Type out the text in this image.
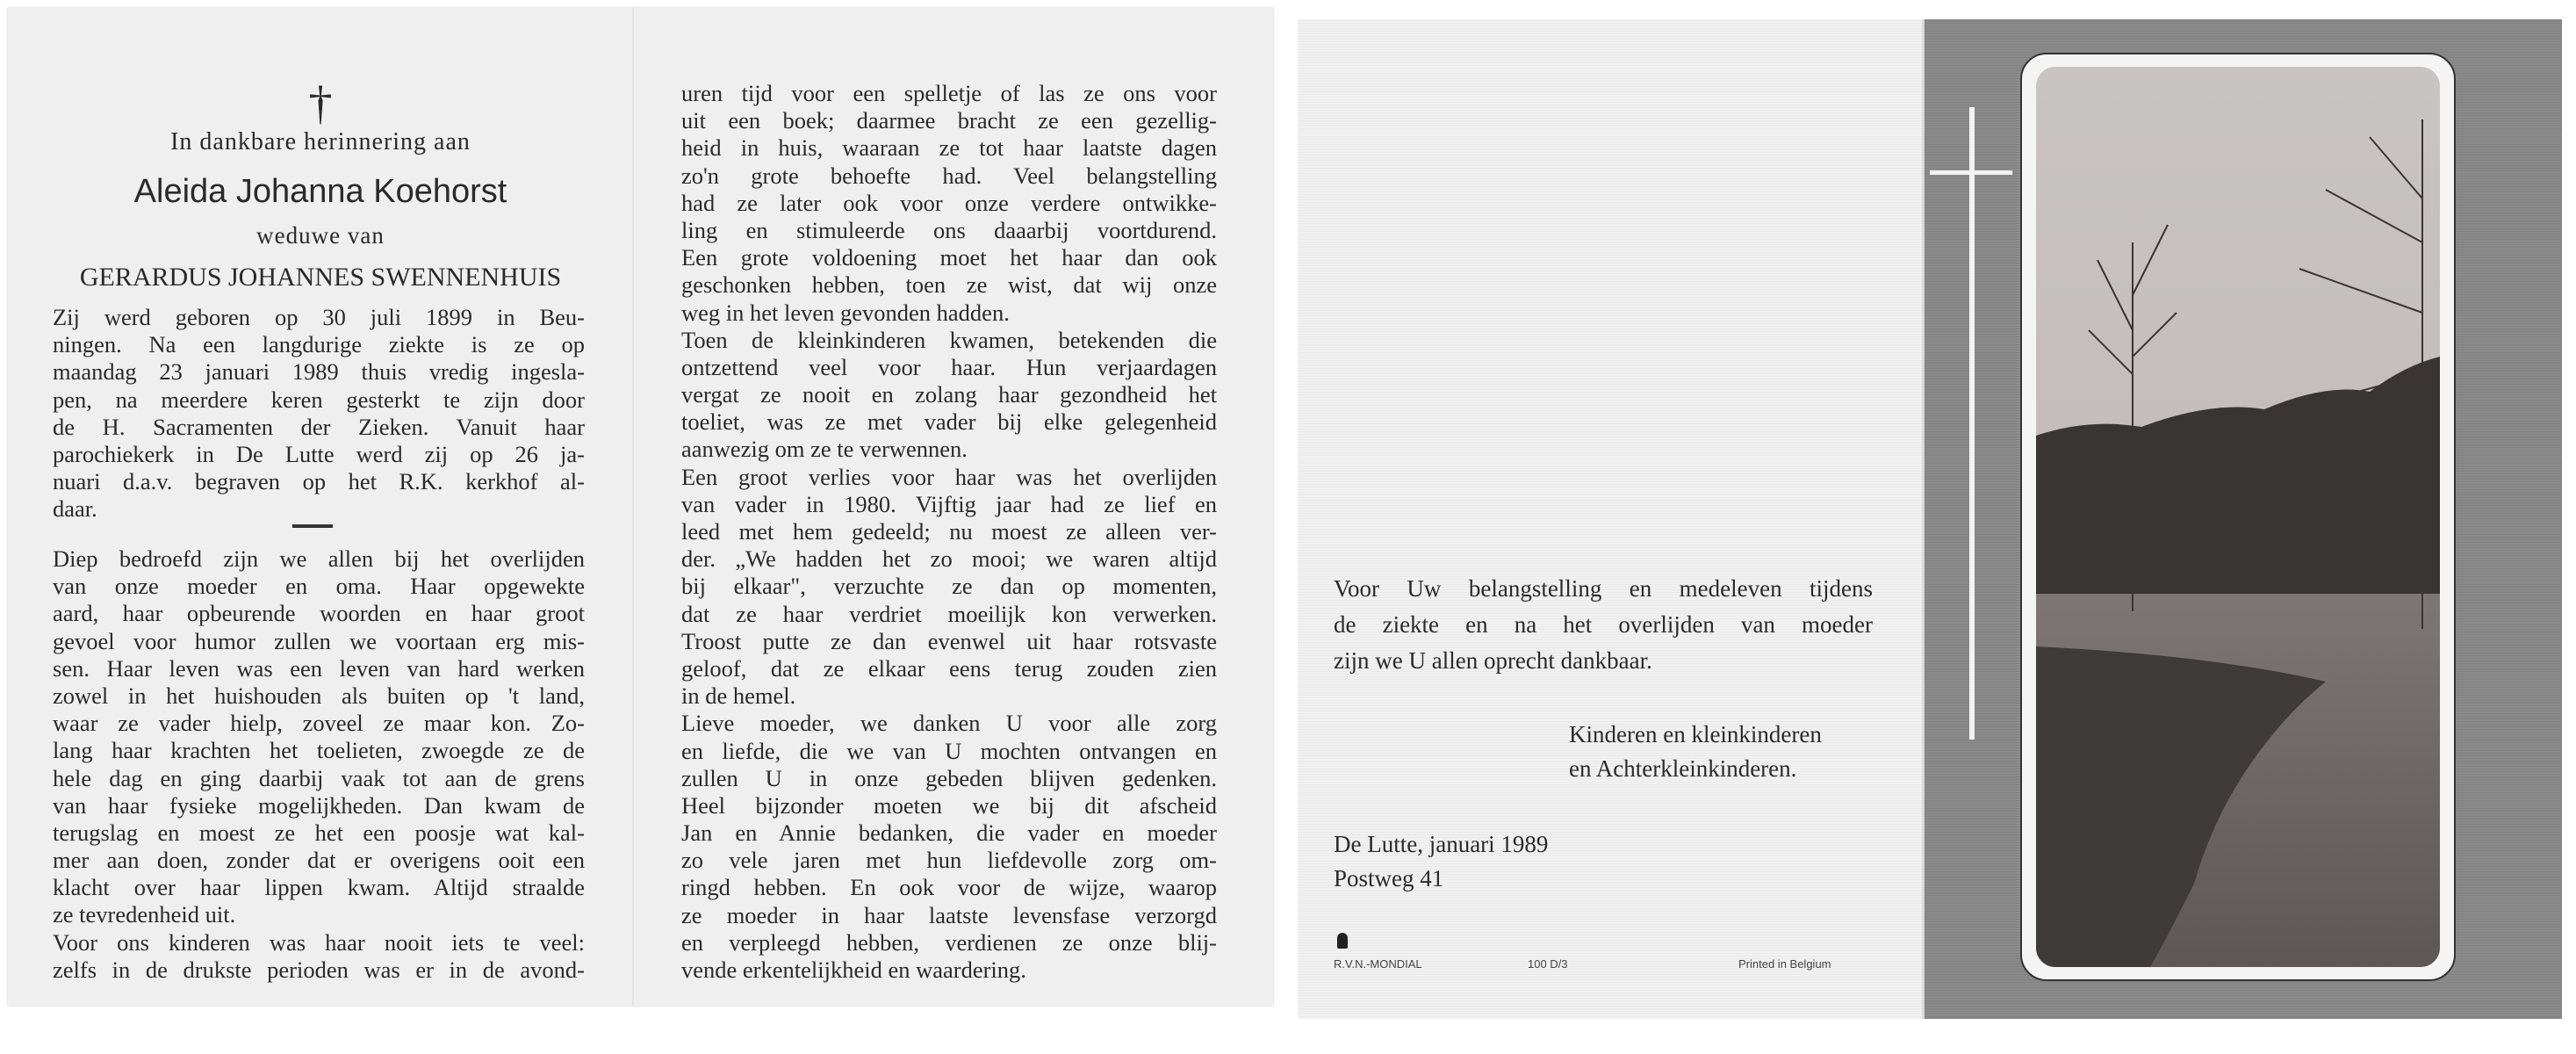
†
In dankbare herinnering aan
Aleida Johanna Koehorst
weduwe van
GERARDUS JOHANNES SWENNENHUIS
Zij werd geboren op 30 juli 1899 in Beu-
ningen. Na een langdurige ziekte is ze op
maandag 23 januari 1989 thuis vredig ingesla-
pen, na meerdere keren gesterkt te zijn door
de H. Sacramenten der Zieken. Vanuit haar
parochiekerk in De Lutte werd zij op 26 ja-
nuari d.a.v. begraven op het R.K. kerkhof al-
daar.
Diep bedroefd zijn we allen bij het overlijden
van onze moeder en oma. Haar opgewekte
aard, haar opbeurende woorden en haar groot
gevoel voor humor zullen we voortaan erg mis-
sen. Haar leven was een leven van hard werken
zowel in het huishouden als buiten op 't land,
waar ze vader hielp, zoveel ze maar kon. Zo-
lang haar krachten het toelieten, zwoegde ze de
hele dag en ging daarbij vaak tot aan de grens
van haar fysieke mogelijkheden. Dan kwam de
terugslag en moest ze het een poosje wat kal-
mer aan doen, zonder dat er overigens ooit een
klacht over haar lippen kwam. Altijd straalde
ze tevredenheid uit.
Voor ons kinderen was haar nooit iets te veel:
zelfs in de drukste perioden was er in de avond-
uren tijd voor een spelletje of las ze ons voor
uit een boek; daarmee bracht ze een gezellig-
heid in huis, waaraan ze tot haar laatste dagen
zo'n grote behoefte had. Veel belangstelling
had ze later ook voor onze verdere ontwikke-
ling en stimuleerde ons daaarbij voortdurend.
Een grote voldoening moet het haar dan ook
geschonken hebben, toen ze wist, dat wij onze
weg in het leven gevonden hadden.
Toen de kleinkinderen kwamen, betekenden die
ontzettend veel voor haar. Hun verjaardagen
vergat ze nooit en zolang haar gezondheid het
toeliet, was ze met vader bij elke gelegenheid
aanwezig om ze te verwennen.
Een groot verlies voor haar was het overlijden
van vader in 1980. Vijftig jaar had ze lief en
leed met hem gedeeld; nu moest ze alleen ver-
der. „We hadden het zo mooi; we waren altijd
bij elkaar", verzuchte ze dan op momenten,
dat ze haar verdriet moeilijk kon verwerken.
Troost putte ze dan evenwel uit haar rotsvaste
geloof, dat ze elkaar eens terug zouden zien
in de hemel.
Lieve moeder, we danken U voor alle zorg
en liefde, die we van U mochten ontvangen en
zullen U in onze gebeden blijven gedenken.
Heel bijzonder moeten we bij dit afscheid
Jan en Annie bedanken, die vader en moeder
zo vele jaren met hun liefdevolle zorg om-
ringd hebben. En ook voor de wijze, waarop
ze moeder in haar laatste levensfase verzorgd
en verpleegd hebben, verdienen ze onze blij-
vende erkentelijkheid en waardering.
Voor Uw belangstelling en medeleven tijdens
de ziekte en na het overlijden van moeder
zijn we U allen oprecht dankbaar.
Kinderen en kleinkinderen
en Achterkleinkinderen.
De Lutte, januari 1989
Postweg 41
R.V.N.-MONDIAL	100 D/3	Printed in Belgium
